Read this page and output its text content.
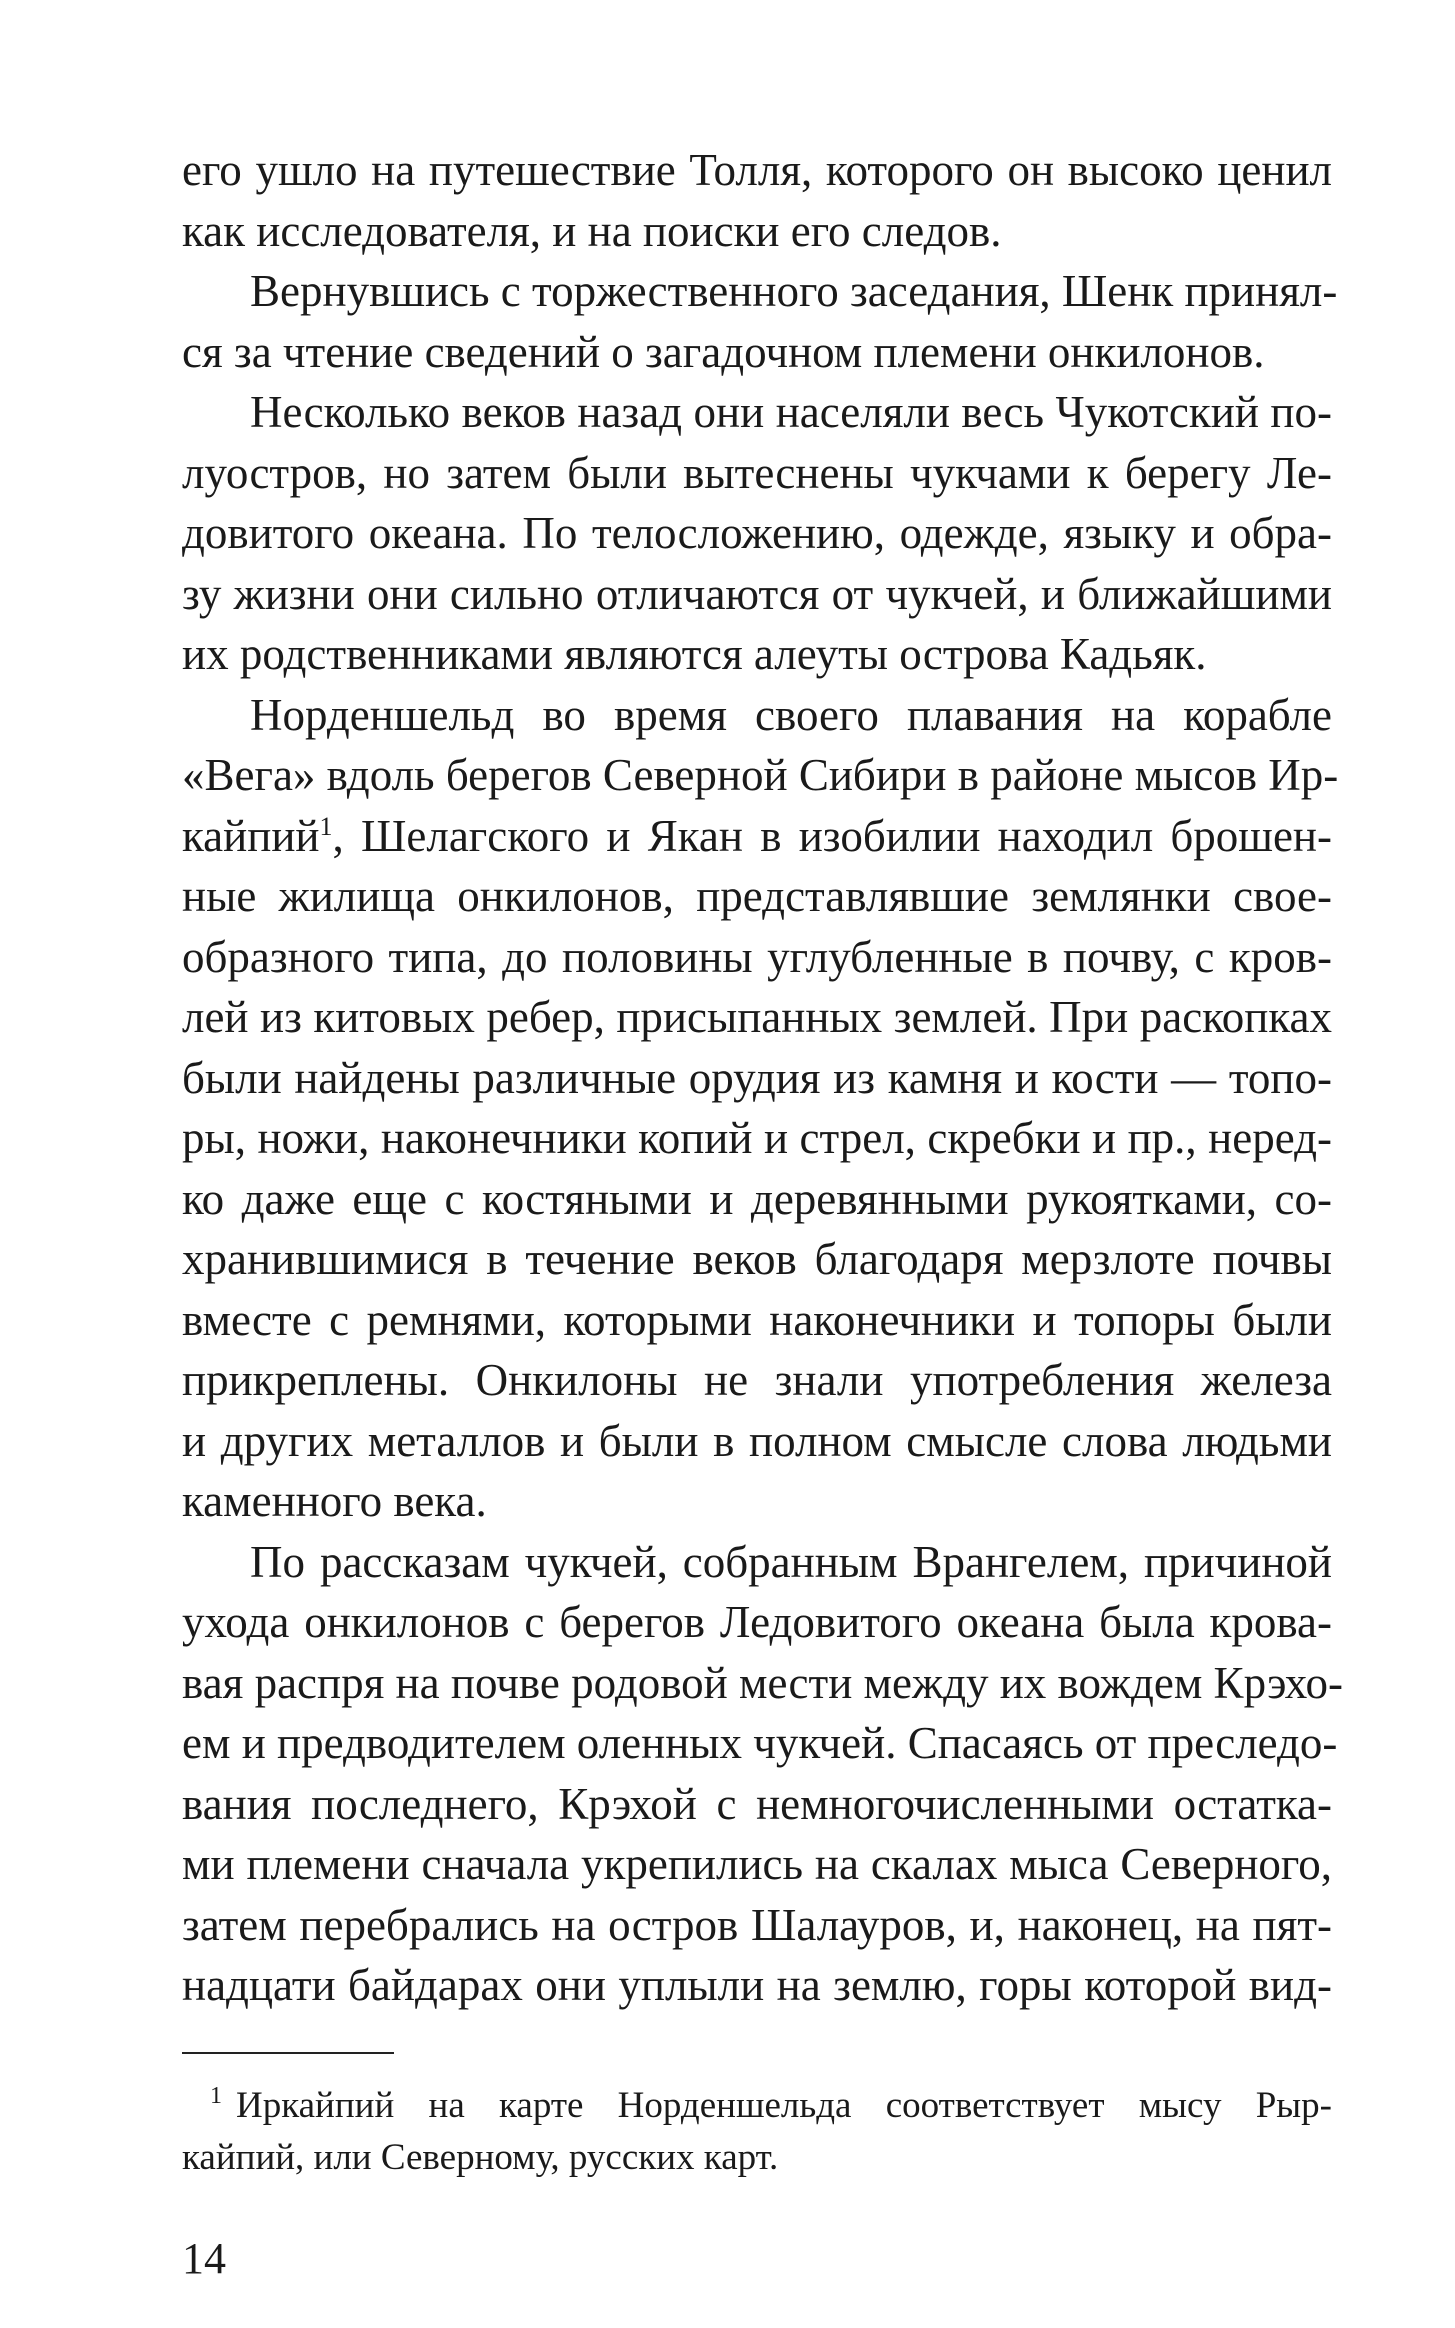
его ушло на путешествие Толля, которого он высоко ценил
как исследователя, и на поиски его следов.
Вернувшись с торжественного заседания, Шенк принял-
ся за чтение сведений о загадочном племени онкилонов.
Несколько веков назад они населяли весь Чукотский по-
луостров, но затем были вытеснены чукчами к берегу Ле-
довитого океана. По телосложению, одежде, языку и обра-
зу жизни они сильно отличаются от чукчей, и ближайшими
их родственниками являются алеуты острова Кадьяк.
Норденшельд во время своего плавания на корабле
«Вега» вдоль берегов Северной Сибири в районе мысов Ир-
кайпий$^1$, Шелагского и Якан в изобилии находил брошен-
ные жилища онкилонов, представлявшие землянки свое-
образного типа, до половины углубленные в почву, с кров-
лей из китовых ребер, присыпанных землей. При раскопках
были найдены различные орудия из камня и кости — топо-
ры, ножи, наконечники копий и стрел, скребки и пр., неред-
ко даже еще с костяными и деревянными рукоятками, со-
хранившимися в течение веков благодаря мерзлоте почвы
вместе с ремнями, которыми наконечники и топоры были
прикреплены. Онкилоны не знали употребления железа
и других металлов и были в полном смысле слова людьми
каменного века.
По рассказам чукчей, собранным Врангелем, причиной
ухода онкилонов с берегов Ледовитого океана была крова-
вая распря на почве родовой мести между их вождем Крэхо-
ем и предводителем оленных чукчей. Спасаясь от преследо-
вания последнего, Крэхой с немногочисленными остатка-
ми племени сначала укрепились на скалах мыса Северного,
затем перебрались на остров Шалауров, и, наконец, на пят-
надцати байдарах они уплыли на землю, горы которой вид-
$^1$ Иркайпий на карте Норденшельда соответствует мысу Рыр-
кайпий, или Северному, русских карт.
14
